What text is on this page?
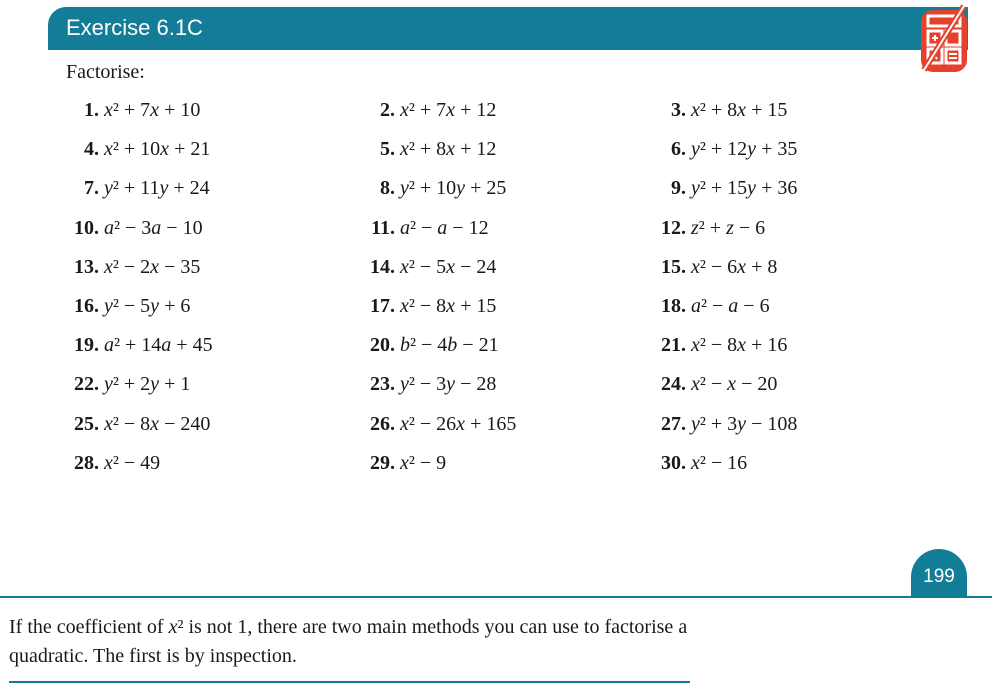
Exercise 6.1C
Factorise:
1. x² + 7x + 10	2. x² + 7x + 12	3. x² + 8x + 15
4. x² + 10x + 21	5. x² + 8x + 12	6. y² + 12y + 35
7. y² + 11y + 24	8. y² + 10y + 25	9. y² + 15y + 36
10. a² − 3a − 10	11. a² − a − 12	12. z² + z − 6
13. x² − 2x − 35	14. x² − 5x − 24	15. x² − 6x + 8
16. y² − 5y + 6	17. x² − 8x + 15	18. a² − a − 6
19. a² + 14a + 45	20. b² − 4b − 21	21. x² − 8x + 16
22. y² + 2y + 1	23. y² − 3y − 28	24. x² − x − 20
25. x² − 8x − 240	26. x² − 26x + 165	27. y² + 3y − 108
28. x² − 49	29. x² − 9	30. x² − 16
199
If the coefficient of x² is not 1, there are two main methods you can use to factorise a quadratic. The first is by inspection.
